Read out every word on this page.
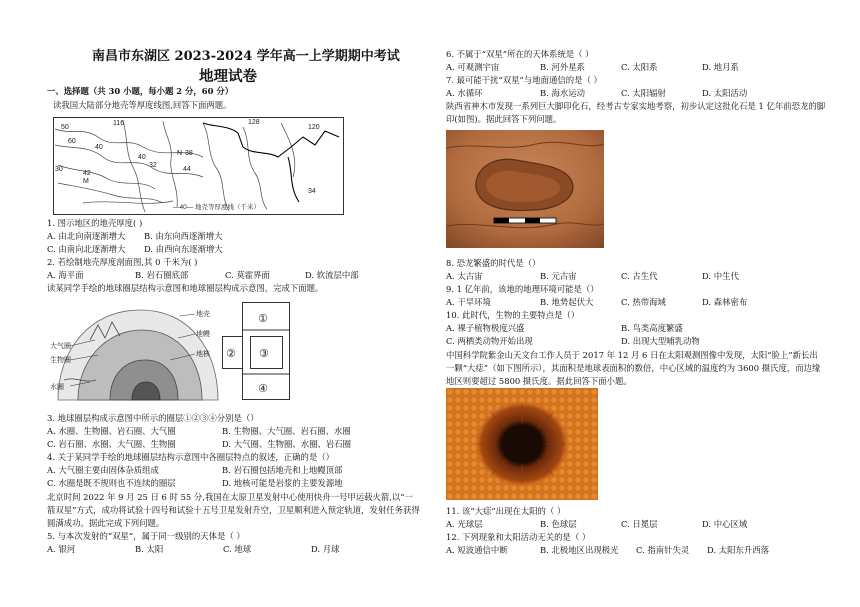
南昌市东湖区 2023-2024 学年高一上学期期中考试
地理试卷
一、选择题（共 30 小题，每小题 2 分，60 分）
读我国大陆部分地壳等厚度线图,回答下面两题。
116	128
120
50
60
40
40
32
N 38
30
42
M
44
34
—40— 地壳等厚度线（千米）
1. 图示地区的地壳厚度( )
A. 由北向南逐渐增大 B. 由东向西逐渐增大
C. 由南向北逐渐增大 D. 由西向东逐渐增大
2. 若绘制地壳厚度剖面图,其 0 千米为( )
A. 海平面	B. 岩石圈底部	C. 莫霍界面	D. 软流层中部
读某同学手绘的地球圈层结构示意图和地球圈层构成示意图，完成下面题。
大气圈
生物圈
水圈
地壳
地幔
地核
①
② ③
④
3. 地球圈层构成示意图中所示的圈层①②③④分别是（）
A. 水圈、生物圈、岩石圈、大气圈	B. 生物圈、大气圈、岩石圈、水圈
C. 岩石圈、水圈、大气圈、生物圈	D. 大气圈、生物圈、水圈、岩石圈
4. 关于某同学手绘的地球圈层结构示意图中各圈层特点的叙述，正确的是（）
A. 大气圈主要由固体杂质组成	B. 岩石圈包括地壳和上地幔顶部
C. 水圈是既不规则也不连续的圈层	D. 地核可能是岩浆的主要发源地
北京时间 2022 年 9 月 25 日 6 时 55 分,我国在太原卫星发射中心使用快舟一号甲运载火箭,以“一箭双星”方式，成功将试验十四号和试验十五号卫星发射升空，卫星顺利进入预定轨道，发射任务获得圆满成功。据此完成下列问题。
5. 与本次发射的“双星”，属于同一级别的天体是（ ）
A. 银河	B. 太阳	C. 地球	D. 月球
6. 不属于“双星”所在的天体系统是（ ）
A. 可观测宇宙	B. 河外星系	C. 太阳系	D. 地月系
7. 最可能干扰“双星”与地面通信的是（ ）
A. 水循环	B. 海水运动	C. 太阳辐射	D. 太阳活动
陕西省神木市发现一系列巨大脚印化石，经考古专家实地考察，初步认定这批化石是 1 亿年前恐龙的脚印(如图)。据此回答下列问题。
8. 恐龙繁盛的时代是（）
A. 太古宙	B. 元古宙	C. 古生代	D. 中生代
9. 1 亿年前，该地的地理环境可能是（）
A. 干旱环境	B. 地势起伏大	C. 热带海域	D. 森林密布
10. 此时代，生物的主要特点是（）
A. 裸子植物极度兴盛	B. 鸟类高度繁盛
C. 两栖类动物开始出现	D. 出现大型哺乳动物
中国科学院紫金山天文台工作人员于 2017 年 12 月 6 日在太阳观测图像中发现，太阳“脸上”新长出一颗“大痣”（如下图所示），其面积是地球表面积的数倍，中心区域的温度约为 3600 摄氏度，而边缘地区则要超过 5800 摄氏度。据此回答下面小题。
11. 该“大痣”出现在太阳的（ ）
A. 光球层	B. 色球层	C. 日冕层	D. 中心区域
12. 下列现象和太阳活动无关的是（ ）
A. 短波通信中断	B. 北极地区出现极光 C. 指南针失灵 D. 太阳东升西落
